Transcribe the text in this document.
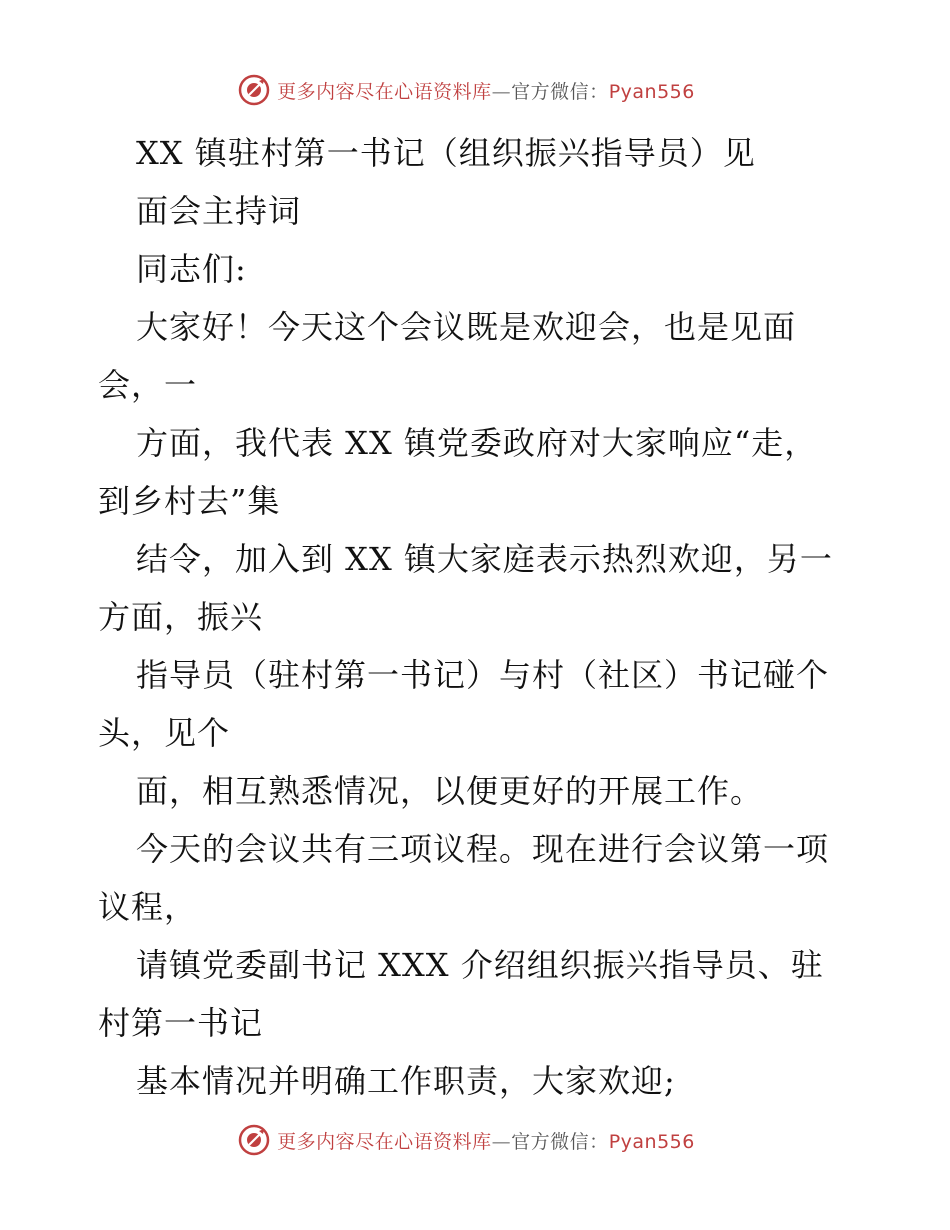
更多内容尽在心语资料库—官方微信：Pyan556
XX 镇驻村第一书记（组织振兴指导员）见
面会主持词
同志们:
大家好！今天这个会议既是欢迎会，也是见面
会，一
方面，我代表 XX 镇党委政府对大家响应“走，
到乡村去”集
结令，加入到 XX 镇大家庭表示热烈欢迎，另一
方面，振兴
指导员（驻村第一书记）与村（社区）书记碰个
头，见个
面，相互熟悉情况，以便更好的开展工作。
今天的会议共有三项议程。现在进行会议第一项
议程，
请镇党委副书记 XXX 介绍组织振兴指导员、驻
村第一书记
基本情况并明确工作职责，大家欢迎;
更多内容尽在心语资料库—官方微信：Pyan556
